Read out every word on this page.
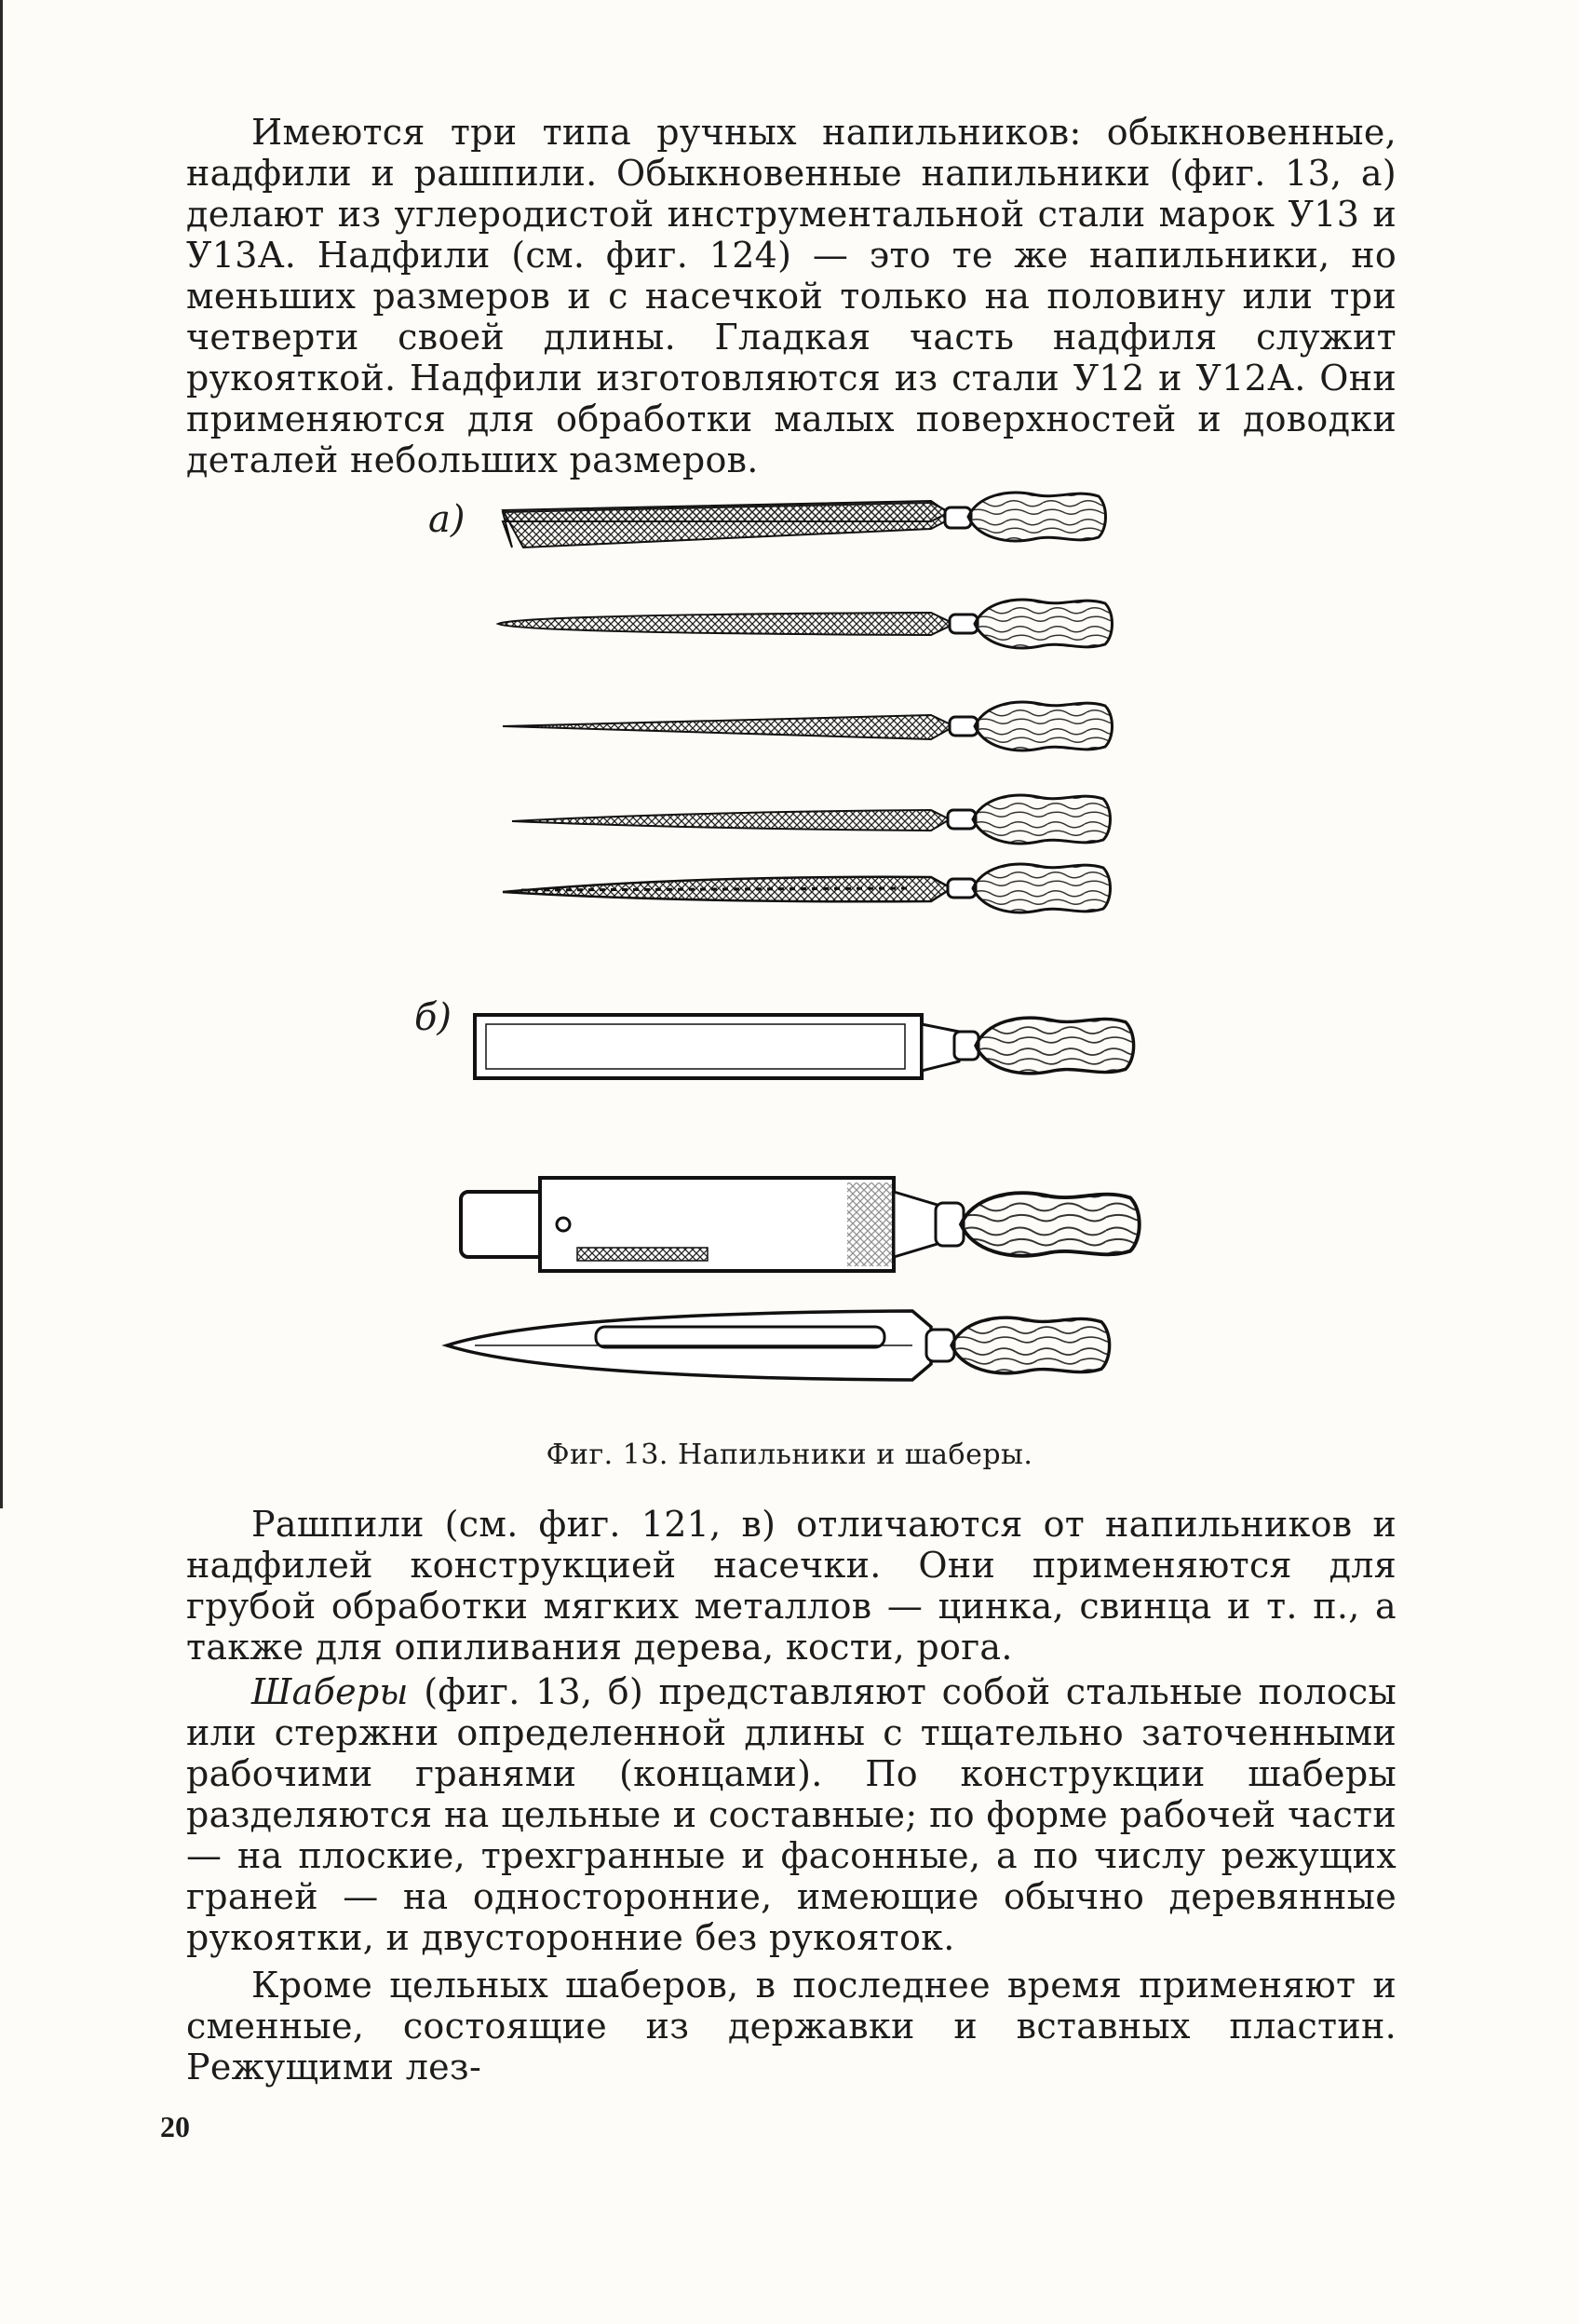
Имеются три типа ручных напильников: обыкновенные, надфили и рашпили. Обыкновенные напильники (фиг. 13, а) делают из углеродистой инструментальной стали марок У13 и У13А. Надфили (см. фиг. 124) — это те же напильники, но меньших размеров и с насечкой только на половину или три четверти своей длины. Гладкая часть надфиля служит рукояткой. Надфили изготовляются из стали У12 и У12А. Они применяются для обработки малых поверхностей и доводки деталей небольших размеров.

а)
б)
Фиг. 13. Напильники и шаберы.

Рашпили (см. фиг. 121, в) отличаются от напильников и надфилей конструкцией насечки. Они применяются для грубой обработки мягких металлов — цинка, свинца и т. п., а также для опиливания дерева, кости, рога.

Шаберы (фиг. 13, б) представляют собой стальные полосы или стержни определенной длины с тщательно заточенными рабочими гранями (концами). По конструкции шаберы разделяются на цельные и составные; по форме рабочей части — на плоские, трехгранные и фасонные, а по числу режущих граней — на односторонние, имеющие обычно деревянные рукоятки, и двусторонние без рукояток.

Кроме цельных шаберов, в последнее время применяют и сменные, состоящие из державки и вставных пластин. Режущими лез-

20
